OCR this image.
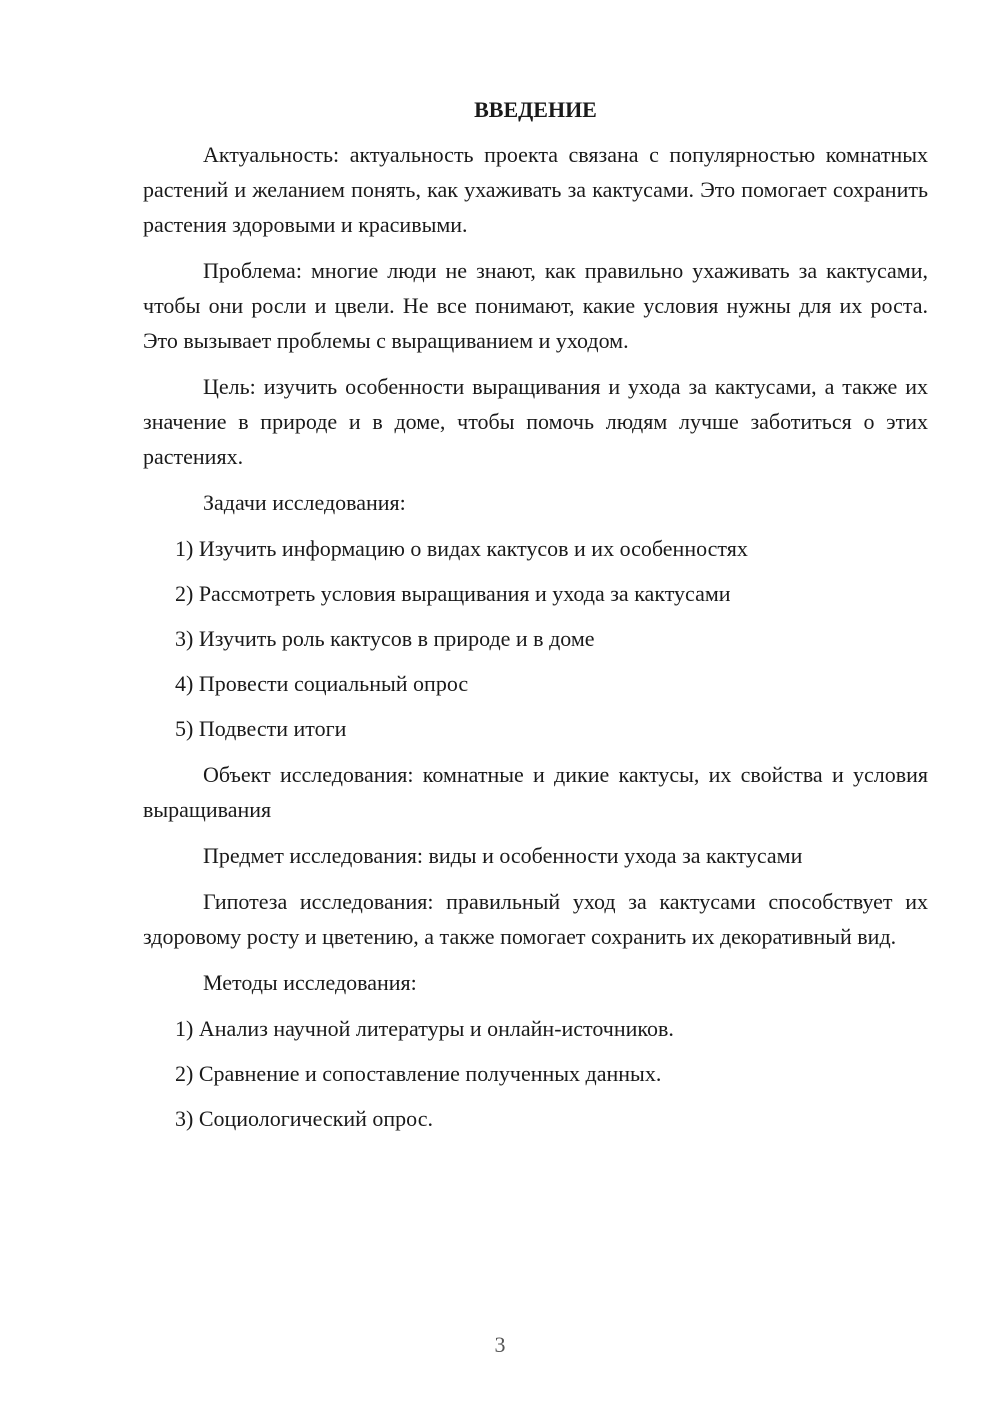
ВВЕДЕНИЕ

Актуальность: актуальность проекта связана с популярностью комнатных растений и желанием понять, как ухаживать за кактусами. Это помогает сохранить растения здоровыми и красивыми.

Проблема: многие люди не знают, как правильно ухаживать за кактусами, чтобы они росли и цвели. Не все понимают, какие условия нужны для их роста. Это вызывает проблемы с выращиванием и уходом.

Цель: изучить особенности выращивания и ухода за кактусами, а также их значение в природе и в доме, чтобы помочь людям лучше заботиться о этих растениях.

Задачи исследования:

1) Изучить информацию о видах кактусов и их особенностях
2) Рассмотреть условия выращивания и ухода за кактусами
3) Изучить роль кактусов в природе и в доме
4) Провести социальный опрос
5) Подвести итоги

Объект исследования: комнатные и дикие кактусы, их свойства и условия выращивания

Предмет исследования: виды и особенности ухода за кактусами

Гипотеза исследования: правильный уход за кактусами способствует их здоровому росту и цветению, а также помогает сохранить их декоративный вид.

Методы исследования:

1) Анализ научной литературы и онлайн-источников.
2) Сравнение и сопоставление полученных данных.
3) Социологический опрос.
3
